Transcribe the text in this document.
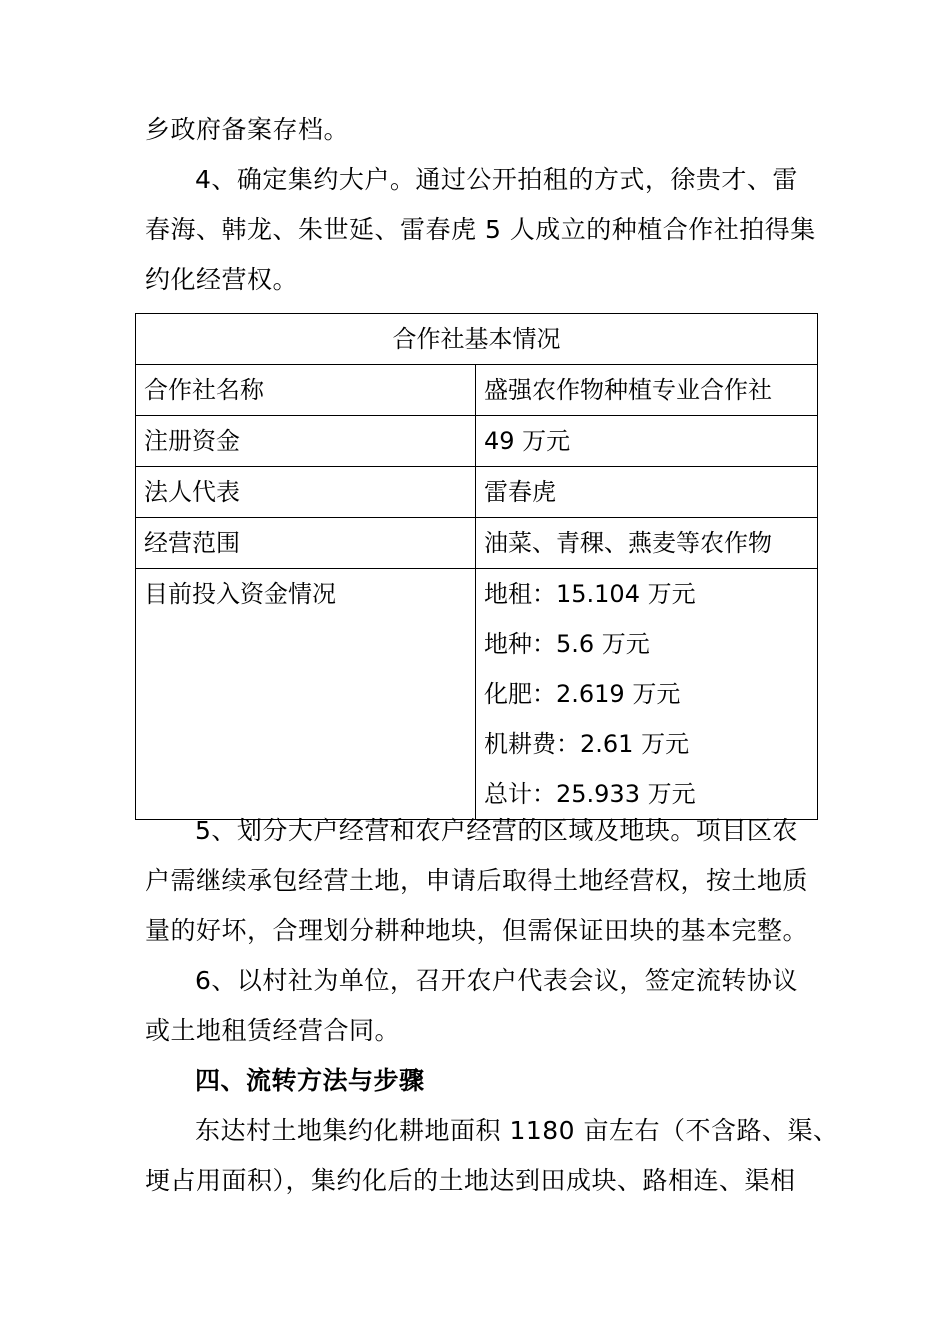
乡政府备案存档。
4、确定集约大户。通过公开拍租的方式，徐贵才、雷
春海、韩龙、朱世延、雷春虎 5 人成立的种植合作社拍得集
约化经营权。
合作社基本情况	
合作社名称	盛强农作物种植专业合作社
注册资金	49 万元
法人代表	雷春虎
经营范围	油菜、青稞、燕麦等农作物
目前投入资金情况	地租：15.104 万元
地种：5.6 万元
化肥：2.619 万元
机耕费：2.61 万元
总计：25.933 万元
5、划分大户经营和农户经营的区域及地块。项目区农
户需继续承包经营土地，申请后取得土地经营权，按土地质
量的好坏，合理划分耕种地块，但需保证田块的基本完整。
6、以村社为单位，召开农户代表会议，签定流转协议
或土地租赁经营合同。
四、流转方法与步骤
东达村土地集约化耕地面积 1180 亩左右（不含路、渠、
埂占用面积），集约化后的土地达到田成块、路相连、渠相
